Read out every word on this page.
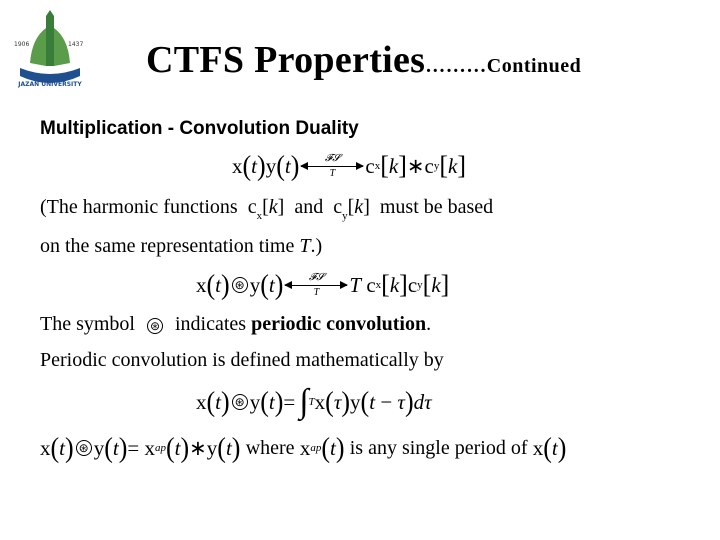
1906	1437
JAZAN UNIVERSITY
CTFS Properties………Continued
Multiplication - Convolution Duality
x ( t ) y ( t )	𝓕𝓢
T c x [ k ] ∗ c y [ k ]
(The harmonic functions $c_x[k]$ and $c_y[k]$ must be based
on the same representation time T.)
x ( t ) ⊛ y ( t )	𝓕𝓢
T T
c x [ k ] c y [ k ]
The symbol ⊛ indicates periodic convolution.
Periodic convolution is defined mathematically by
x ( t ) ⊛ y ( t ) = ∫ T x ( τ ) y ( t
−
τ ) d τ
x ( t ) ⊛ y ( t ) =
x ap ( t ) ∗ y ( t )
where
x ap ( t )
is any single period of
x ( t )
